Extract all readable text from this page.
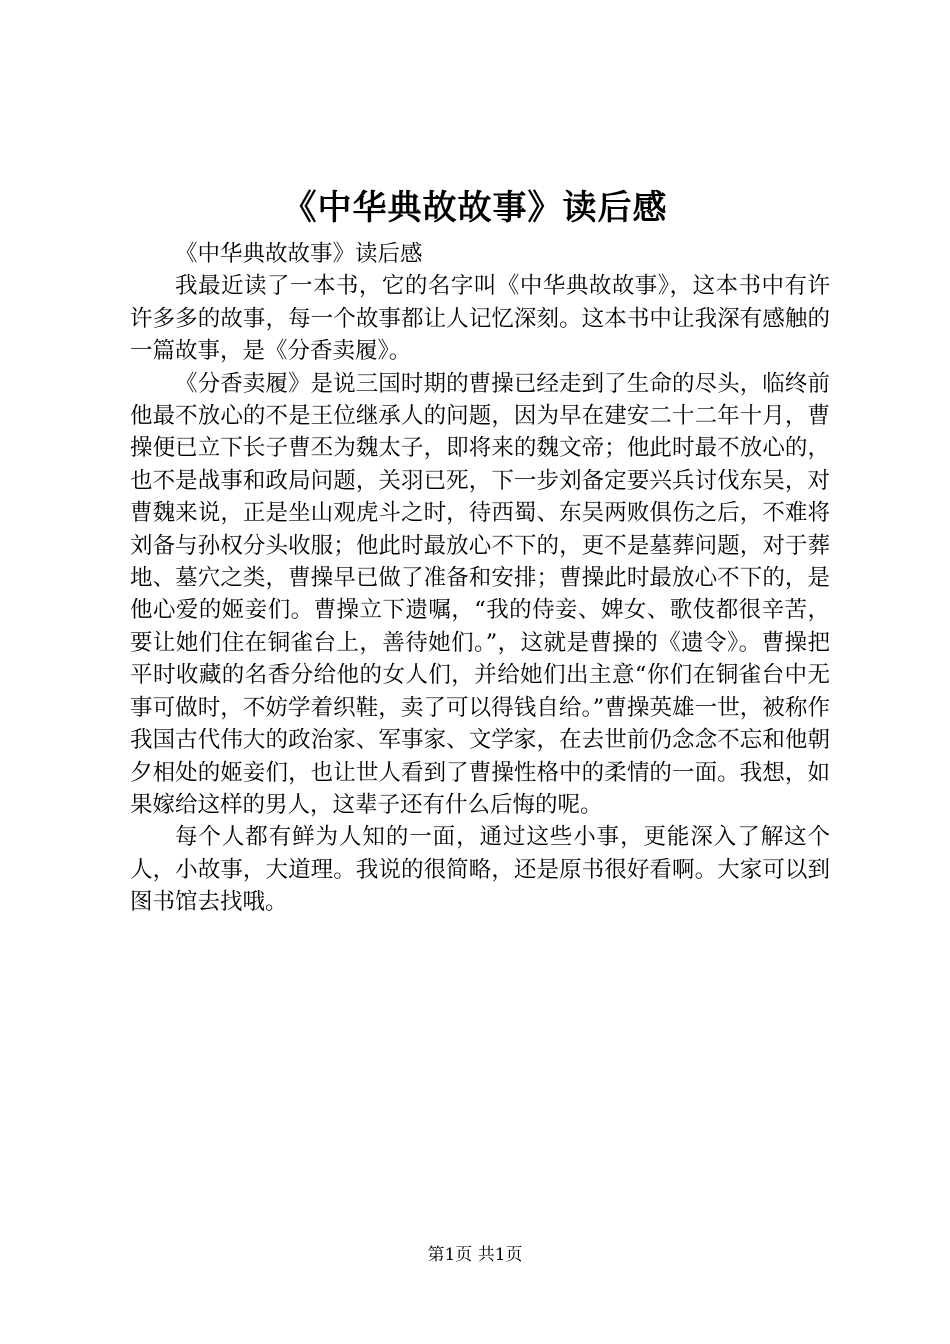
《中华典故故事》读后感

《中华典故故事》读后感

我最近读了一本书，它的名字叫《中华典故故事》，这本书中有许许多多的故事，每一个故事都让人记忆深刻。这本书中让我深有感触的一篇故事，是《分香卖履》。

《分香卖履》是说三国时期的曹操已经走到了生命的尽头，临终前他最不放心的不是王位继承人的问题，因为早在建安二十二年十月，曹操便已立下长子曹丕为魏太子，即将来的魏文帝；他此时最不放心的，也不是战事和政局问题，关羽已死，下一步刘备定要兴兵讨伐东吴，对曹魏来说，正是坐山观虎斗之时，待西蜀、东吴两败俱伤之后，不难将刘备与孙权分头收服；他此时最放心不下的，更不是墓葬问题，对于葬地、墓穴之类，曹操早已做了准备和安排；曹操此时最放心不下的，是他心爱的姬妾们。曹操立下遗嘱，“我的侍妾、婢女、歌伎都很辛苦，要让她们住在铜雀台上，善待她们。”，这就是曹操的《遗令》。曹操把平时收藏的名香分给他的女人们，并给她们出主意“你们在铜雀台中无事可做时，不妨学着织鞋，卖了可以得钱自给。”曹操英雄一世，被称作我国古代伟大的政治家、军事家、文学家，在去世前仍念念不忘和他朝夕相处的姬妾们，也让世人看到了曹操性格中的柔情的一面。我想，如果嫁给这样的男人，这辈子还有什么后悔的呢。

每个人都有鲜为人知的一面，通过这些小事，更能深入了解这个人，小故事，大道理。我说的很简略，还是原书很好看啊。大家可以到图书馆去找哦。

第1页 共1页
